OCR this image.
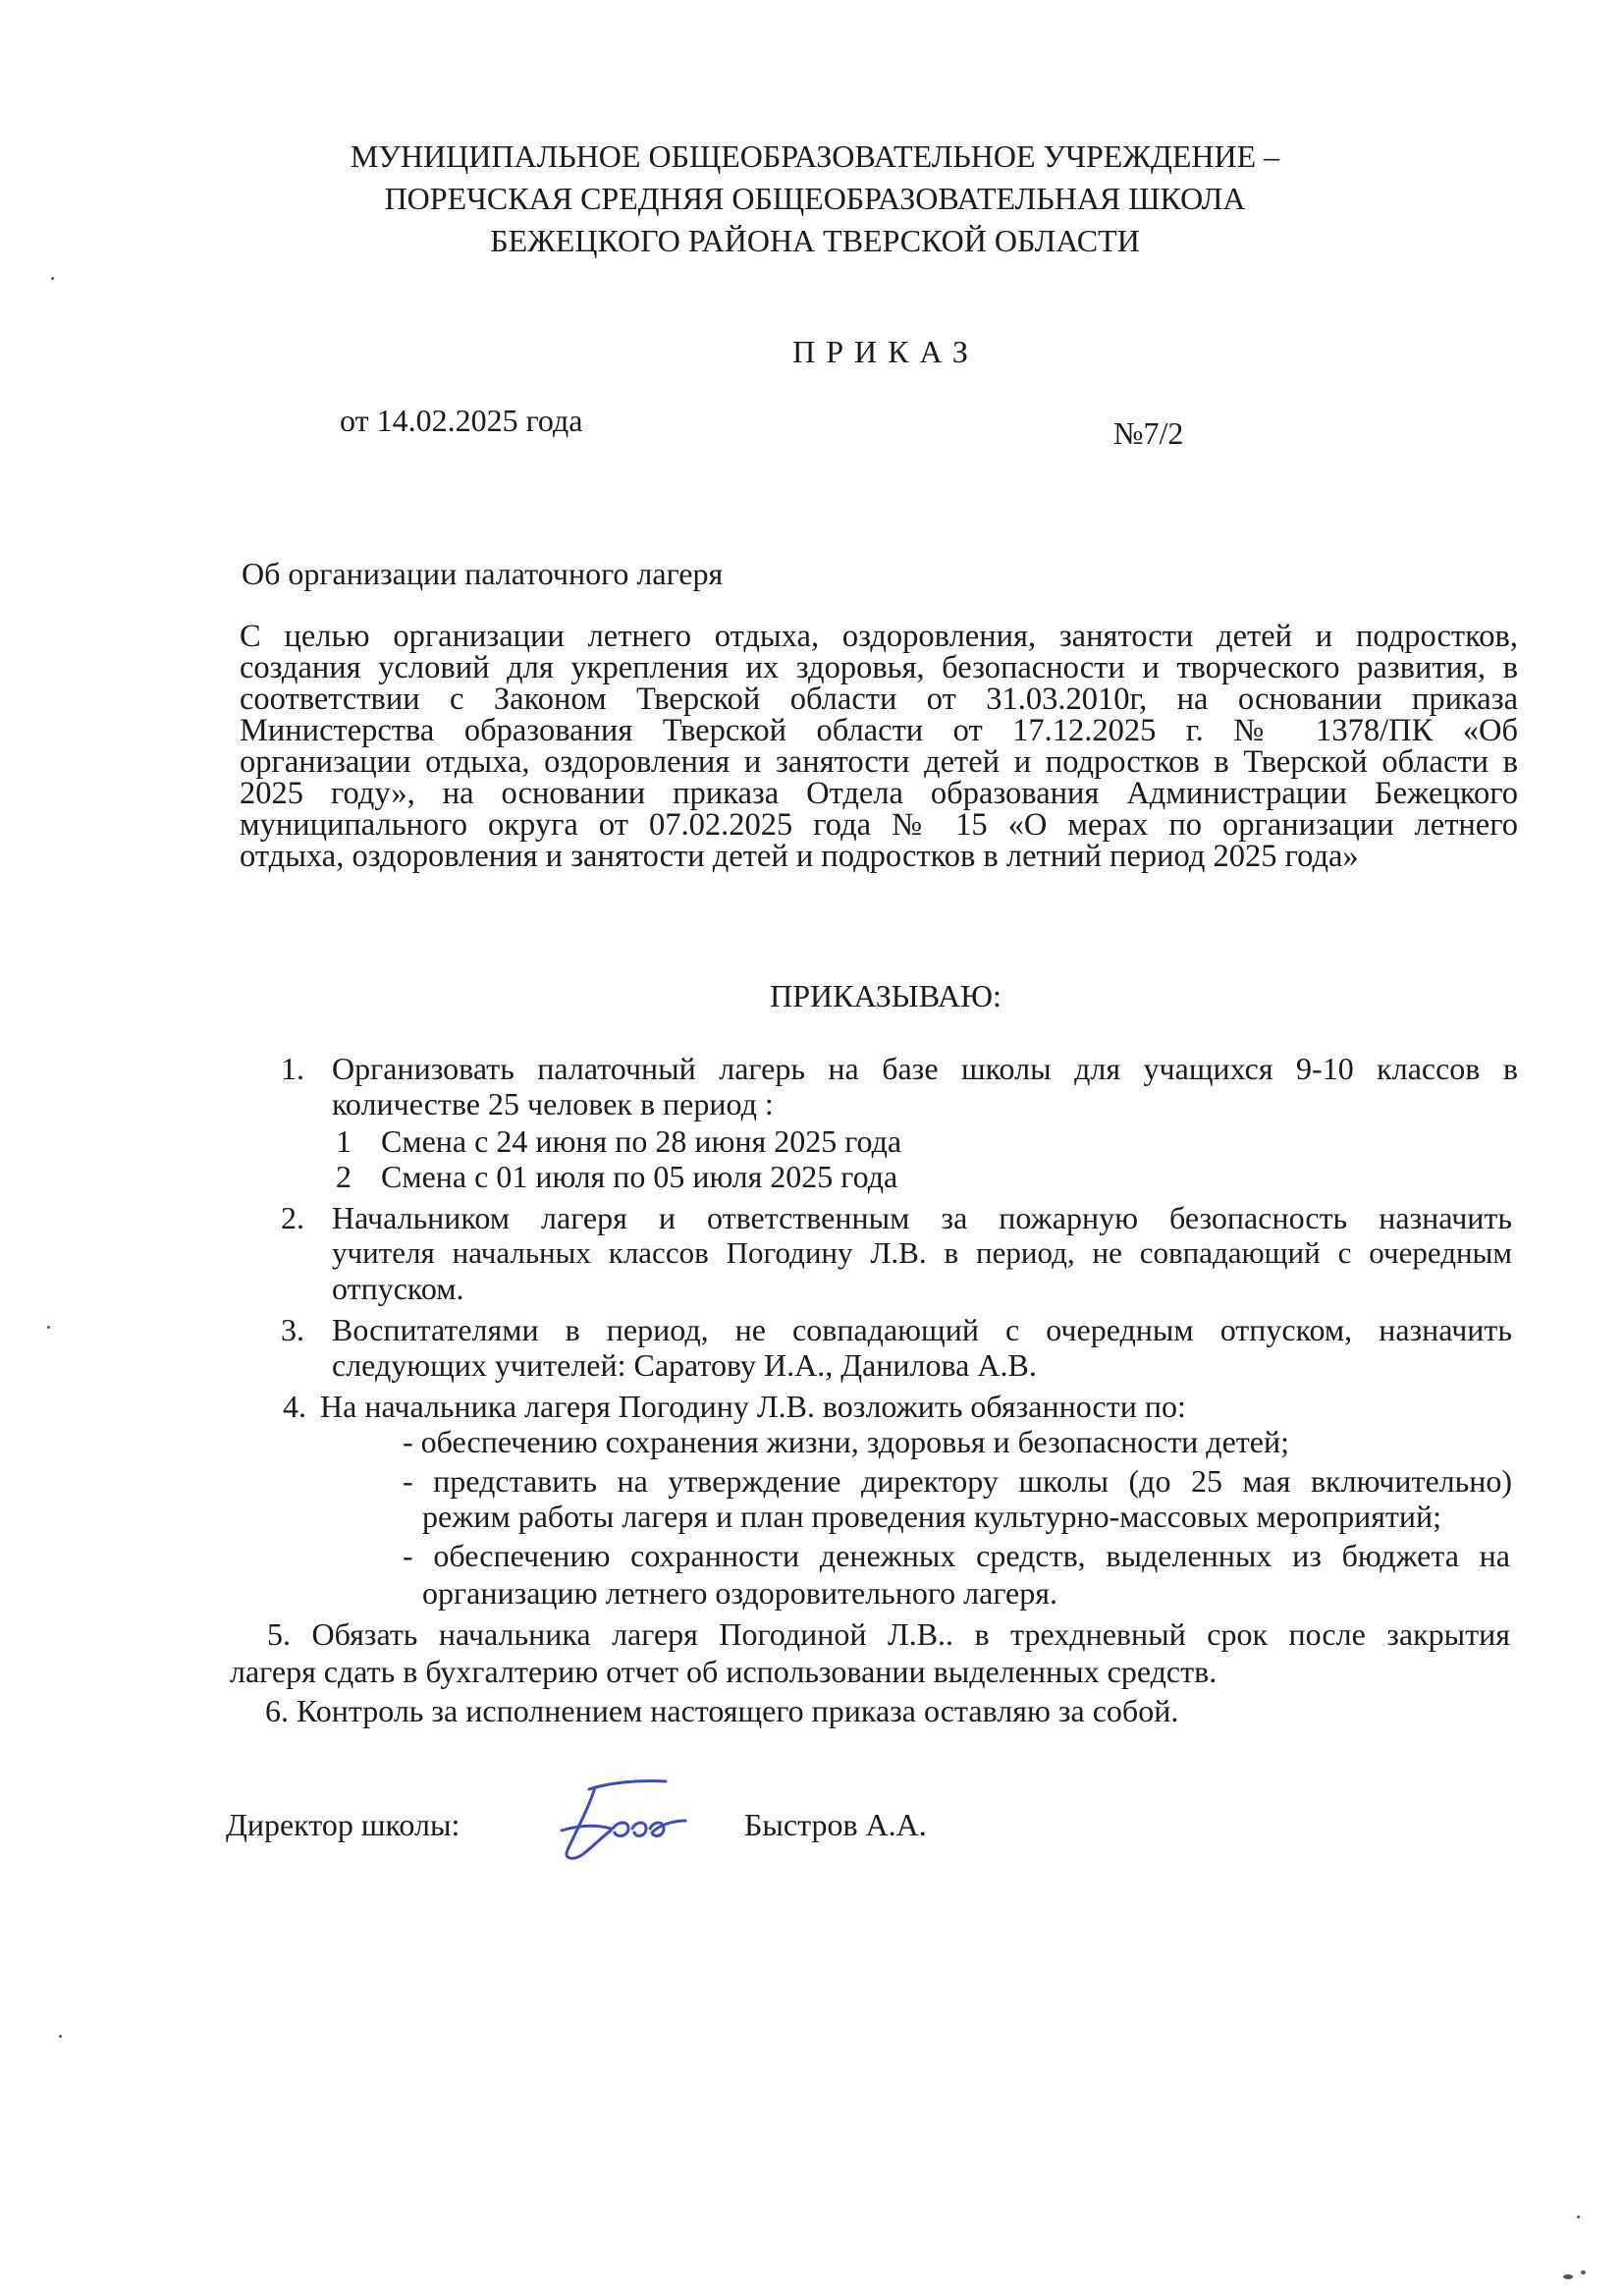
МУНИЦИПАЛЬНОЕ ОБЩЕОБРАЗОВАТЕЛЬНОЕ УЧРЕЖДЕНИЕ –
ПОРЕЧСКАЯ СРЕДНЯЯ ОБЩЕОБРАЗОВАТЕЛЬНАЯ ШКОЛА
БЕЖЕЦКОГО РАЙОНА ТВЕРСКОЙ ОБЛАСТИ
ПРИКАЗ
от 14.02.2025 года	№7/2
Об организации палаточного лагеря
С целью организации летнего отдыха, оздоровления, занятости детей и подростков,
создания условий для укрепления их здоровья, безопасности и творческого развития, в
соответствии с Законом Тверской области от 31.03.2010г, на основании приказа
Министерства образования Тверской области от 17.12.2025 г. № 1378/ПК «Об
организации отдыха, оздоровления и занятости детей и подростков в Тверской области в
2025 году», на основании приказа Отдела образования Администрации Бежецкого
муниципального округа от 07.02.2025 года № 15 «О мерах по организации летнего
отдыха, оздоровления и занятости детей и подростков в летний период 2025 года»
ПРИКАЗЫВАЮ:
1. Организовать палаточный лагерь на базе школы для учащихся 9-10 классов в
количестве 25 человек в период :
1 Смена с 24 июня по 28 июня 2025 года
2 Смена с 01 июля по 05 июля 2025 года
2. Начальником лагеря и ответственным за пожарную безопасность назначить
учителя начальных классов Погодину Л.В. в период, не совпадающий с очередным
отпуском.
3. Воспитателями в период, не совпадающий с очередным отпуском, назначить
следующих учителей: Саратову И.А., Данилова А.В.
4. На начальника лагеря Погодину Л.В. возложить обязанности по:
- обеспечению сохранения жизни, здоровья и безопасности детей;
- представить на утверждение директору школы (до 25 мая включительно)
режим работы лагеря и план проведения культурно-массовых мероприятий;
- обеспечению сохранности денежных средств, выделенных из бюджета на
организацию летнего оздоровительного лагеря.
5. Обязать начальника лагеря Погодиной Л.В.. в трехдневный срок после закрытия
лагеря сдать в бухгалтерию отчет об использовании выделенных средств.
6. Контроль за исполнением настоящего приказа оставляю за собой.
Директор школы:	Быстров А.А.
